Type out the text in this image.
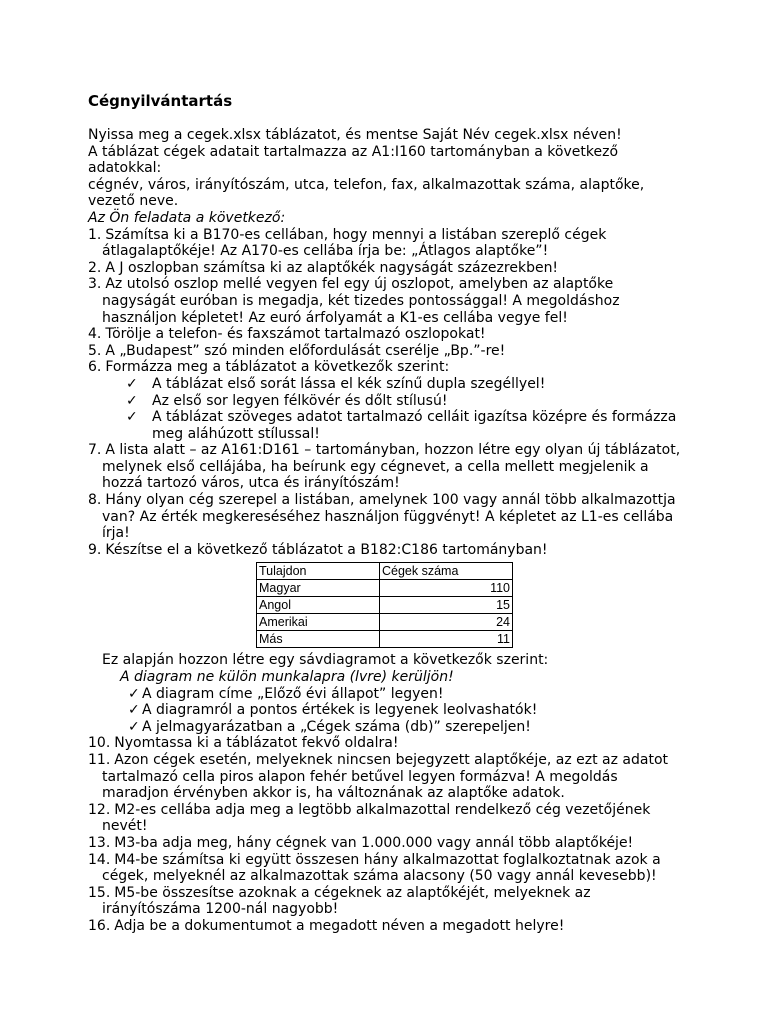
Cégnyilvántartás

Nyissa meg a cegek.xlsx táblázatot, és mentse Saját Név cegek.xlsx néven!

A táblázat cégek adatait tartalmazza az A1:I160 tartományban a következő adatokkal:

cégnév, város, irányítószám, utca, telefon, fax, alkalmazottak száma, alaptőke, vezető neve.

Az Ön feladata a következő:

1. Számítsa ki a B170-es cellában, hogy mennyi a listában szereplő cégek átlagalaptőkéje! Az A170-es cellába írja be: „Átlagos alaptőke”!
2. A J oszlopban számítsa ki az alaptőkék nagyságát százezrekben!
3. Az utolsó oszlop mellé vegyen fel egy új oszlopot, amelyben az alaptőke nagyságát euróban is megadja, két tizedes pontossággal! A megoldáshoz használjon képletet! Az euró árfolyamát a K1-es cellába vegye fel!
4. Törölje a telefon- és faxszámot tartalmazó oszlopokat!
5. A „Budapest” szó minden előfordulását cserélje „Bp.”-re!
6. Formázza meg a táblázatot a következők szerint:
✓ A táblázat első sorát lássa el kék színű dupla szegéllyel!
✓ Az első sor legyen félkövér és dőlt stílusú!
✓ A táblázat szöveges adatot tartalmazó celláit igazítsa középre és formázza meg aláhúzott stílussal!
7. A lista alatt – az A161:D161 – tartományban, hozzon létre egy olyan új táblázatot, melynek első cellájába, ha beírunk egy cégnevet, a cella mellett megjelenik a hozzá tartozó város, utca és irányítószám!
8. Hány olyan cég szerepel a listában, amelynek 100 vagy annál több alkalmazottja van? Az érték megkereséséhez használjon függvényt! A képletet az L1-es cellába írja!
9. Készítse el a következő táblázatot a B182:C186 tartományban!
Tulajdon	Cégek száma
Magyar	110
Angol	15
Amerikai	24
Más	11

Ez alapján hozzon létre egy sávdiagramot a következők szerint:

A diagram ne külön munkalapra (lvre) kerüljön!

✓ A diagram címe „Előző évi állapot” legyen!
✓ A diagramról a pontos értékek is legyenek leolvashatók!
✓ A jelmagyarázatban a „Cégek száma (db)” szerepeljen!
10. Nyomtassa ki a táblázatot fekvő oldalra!
11. Azon cégek esetén, melyeknek nincsen bejegyzett alaptőkéje, az ezt az adatot tartalmazó cella piros alapon fehér betűvel legyen formázva! A megoldás maradjon érvényben akkor is, ha változnának az alaptőke adatok.
12. M2-es cellába adja meg a legtöbb alkalmazottal rendelkező cég vezetőjének nevét!
13. M3-ba adja meg, hány cégnek van 1.000.000 vagy annál több alaptőkéje!
14. M4-be számítsa ki együtt összesen hány alkalmazottat foglalkoztatnak azok a cégek, melyeknél az alkalmazottak száma alacsony (50 vagy annál kevesebb)!
15. M5-be összesítse azoknak a cégeknek az alaptőkéjét, melyeknek az irányítószáma 1200-nál nagyobb!
16. Adja be a dokumentumot a megadott néven a megadott helyre!
